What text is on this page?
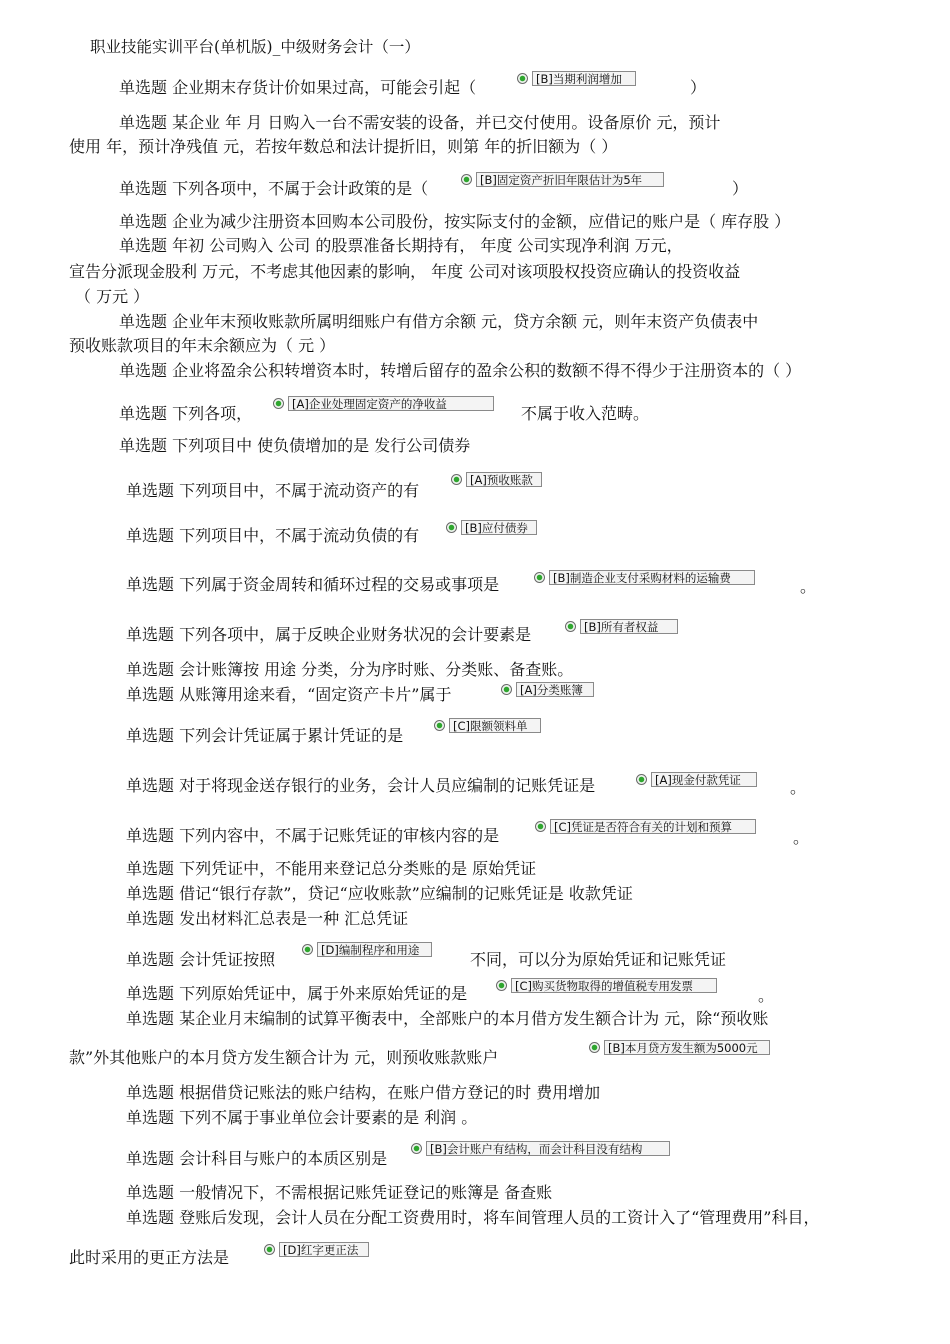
职业技能实训平台(单机版)_中级财务会计（一）
单选题 企业期末存货计价如果过高，可能会引起（	[B]当期利润增加	）
单选题 某企业 年 月 日购入一台不需安装的设备，并已交付使用。设备原价 元，预计
使用 年，预计净残值 元，若按年数总和法计提折旧，则第 年的折旧额为（ ）
单选题 下列各项中，不属于会计政策的是（	[B]固定资产折旧年限估计为5年	）
单选题 企业为减少注册资本回购本公司股份，按实际支付的金额，应借记的账户是（ 库存股 ）
单选题 年初 公司购入 公司 的股票准备长期持有， 年度 公司实现净利润 万元，
宣告分派现金股利 万元，不考虑其他因素的影响， 年度 公司对该项股权投资应确认的投资收益
（ 万元 ）
单选题 企业年末预收账款所属明细账户有借方余额 元，贷方余额 元，则年末资产负债表中
预收账款项目的年末余额应为（ 元 ）
单选题 企业将盈余公积转增资本时，转增后留存的盈余公积的数额不得不得少于注册资本的（ ）
单选题 下列各项，	[A]企业处理固定资产的净收益	不属于收入范畴。
单选题 下列项目中 使负债增加的是 发行公司债券
单选题 下列项目中，不属于流动资产的有
[A]预收账款
单选题 下列项目中，不属于流动负债的有	[B]应付债券
单选题 下列属于资金周转和循环过程的交易或事项是	[B]制造企业支付采购材料的运输费	。
单选题 下列各项中，属于反映企业财务状况的会计要素是	[B]所有者权益
单选题 会计账簿按 用途 分类，分为序时账、分类账、备查账。
单选题 从账簿用途来看，“固定资产卡片”属于	[A]分类账簿
单选题 下列会计凭证属于累计凭证的是	[C]限额领料单
单选题 对于将现金送存银行的业务，会计人员应编制的记账凭证是	[A]现金付款凭证	。
单选题 下列内容中，不属于记账凭证的审核内容的是	[C]凭证是否符合有关的计划和预算
。
单选题 下列凭证中，不能用来登记总分类账的是 原始凭证
单选题 借记“银行存款”，贷记“应收账款”应编制的记账凭证是 收款凭证
单选题 发出材料汇总表是一种 汇总凭证
单选题 会计凭证按照	[D]编制程序和用途	不同，可以分为原始凭证和记账凭证
单选题 下列原始凭证中，属于外来原始凭证的是	[C]购买货物取得的增值税专用发票	。
单选题 某企业月末编制的试算平衡表中，全部账户的本月借方发生额合计为 元，除“预收账
款”外其他账户的本月贷方发生额合计为 元，则预收账款账户	[B]本月贷方发生额为5000元
单选题 根据借贷记账法的账户结构，在账户借方登记的时 费用增加
单选题 下列不属于事业单位会计要素的是 利润 。
单选题 会计科目与账户的本质区别是	[B]会计账户有结构，而会计科目没有结构
单选题 一般情况下，不需根据记账凭证登记的账簿是 备查账
单选题 登账后发现，会计人员在分配工资费用时，将车间管理人员的工资计入了“管理费用”科目，
此时采用的更正方法是	[D]红字更正法
